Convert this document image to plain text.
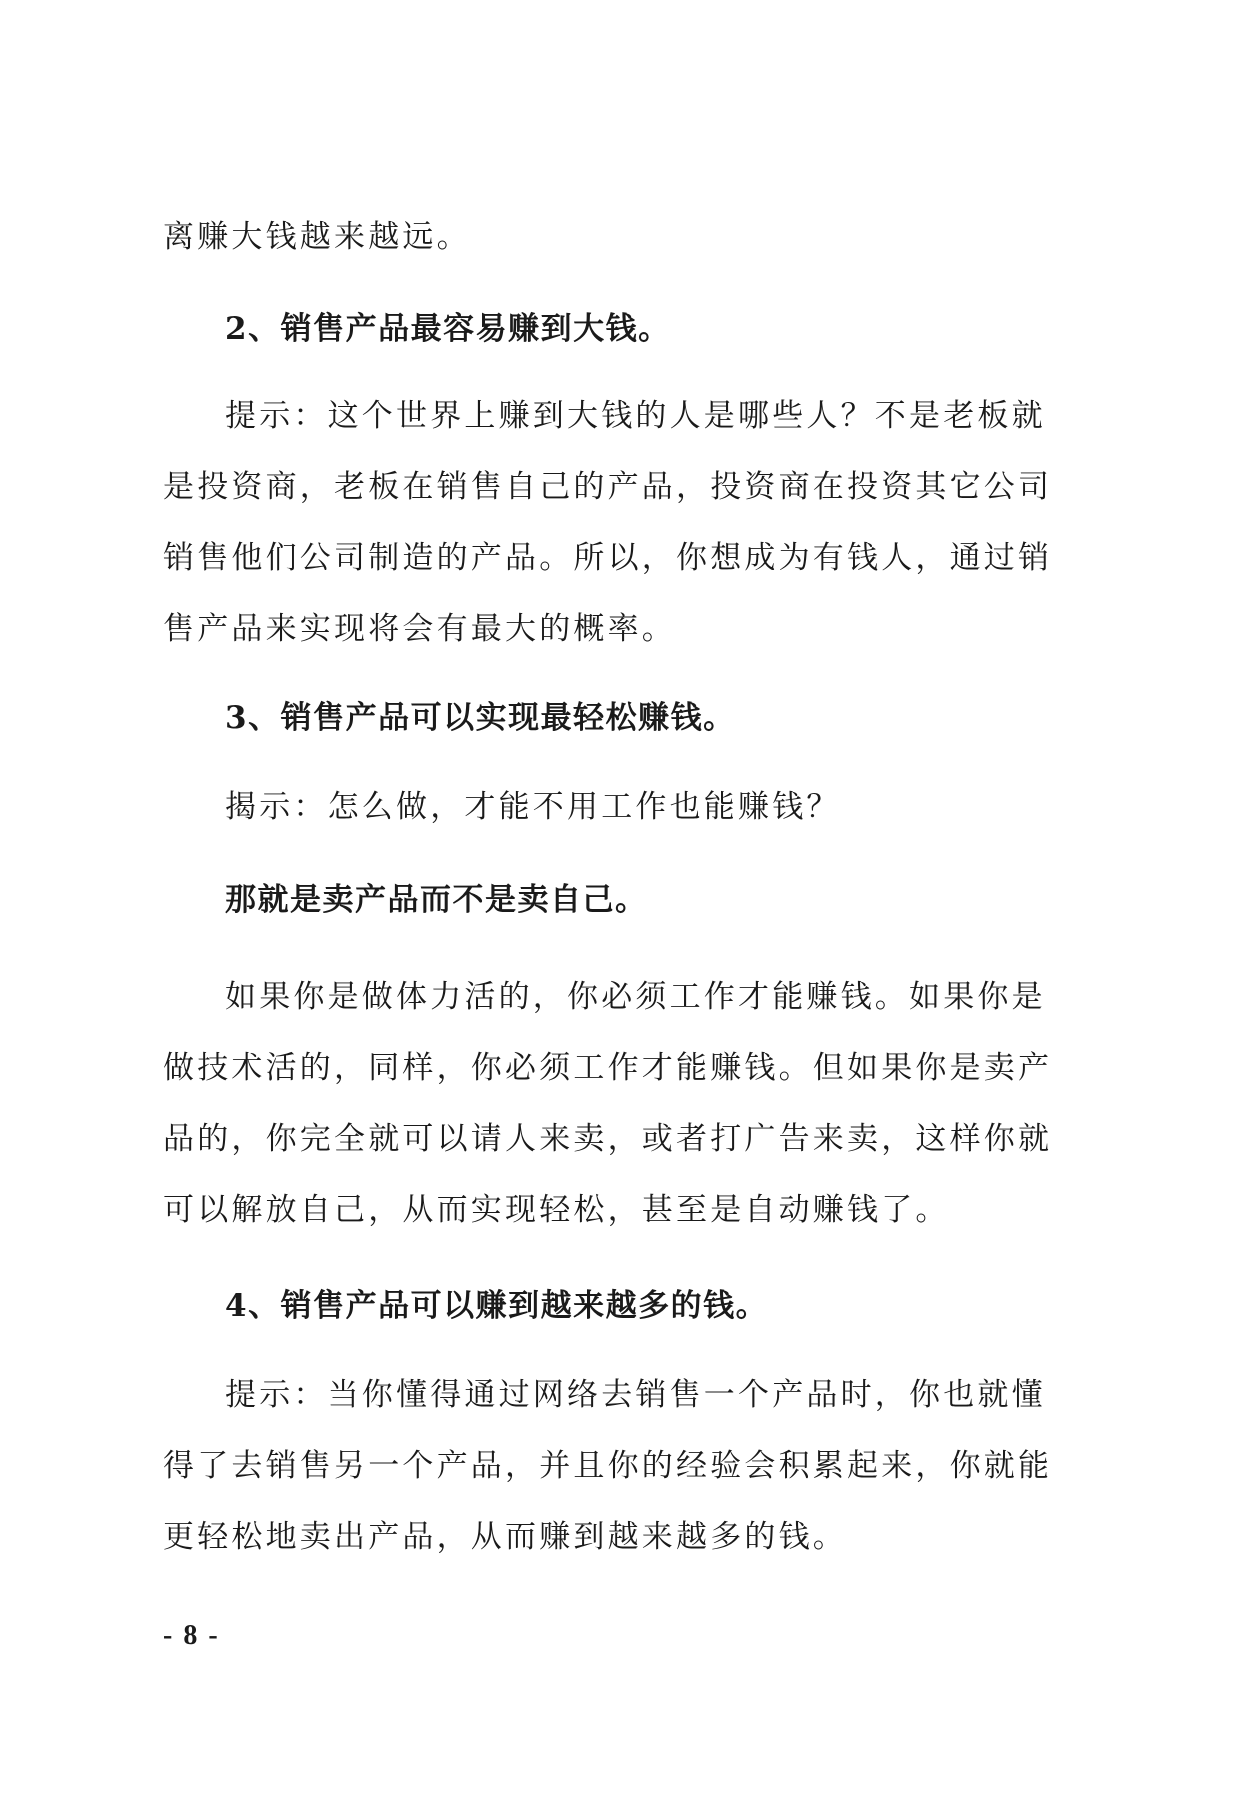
离赚大钱越来越远。
2、销售产品最容易赚到大钱。
提示：这个世界上赚到大钱的人是哪些人？不是老板就
是投资商，老板在销售自己的产品，投资商在投资其它公司
销售他们公司制造的产品。所以，你想成为有钱人，通过销
售产品来实现将会有最大的概率。
3、销售产品可以实现最轻松赚钱。
揭示：怎么做，才能不用工作也能赚钱？
那就是卖产品而不是卖自己。
如果你是做体力活的，你必须工作才能赚钱。如果你是
做技术活的，同样，你必须工作才能赚钱。但如果你是卖产
品的，你完全就可以请人来卖，或者打广告来卖，这样你就
可以解放自己，从而实现轻松，甚至是自动赚钱了。
4、销售产品可以赚到越来越多的钱。
提示：当你懂得通过网络去销售一个产品时，你也就懂
得了去销售另一个产品，并且你的经验会积累起来，你就能
更轻松地卖出产品，从而赚到越来越多的钱。
- 8 -
